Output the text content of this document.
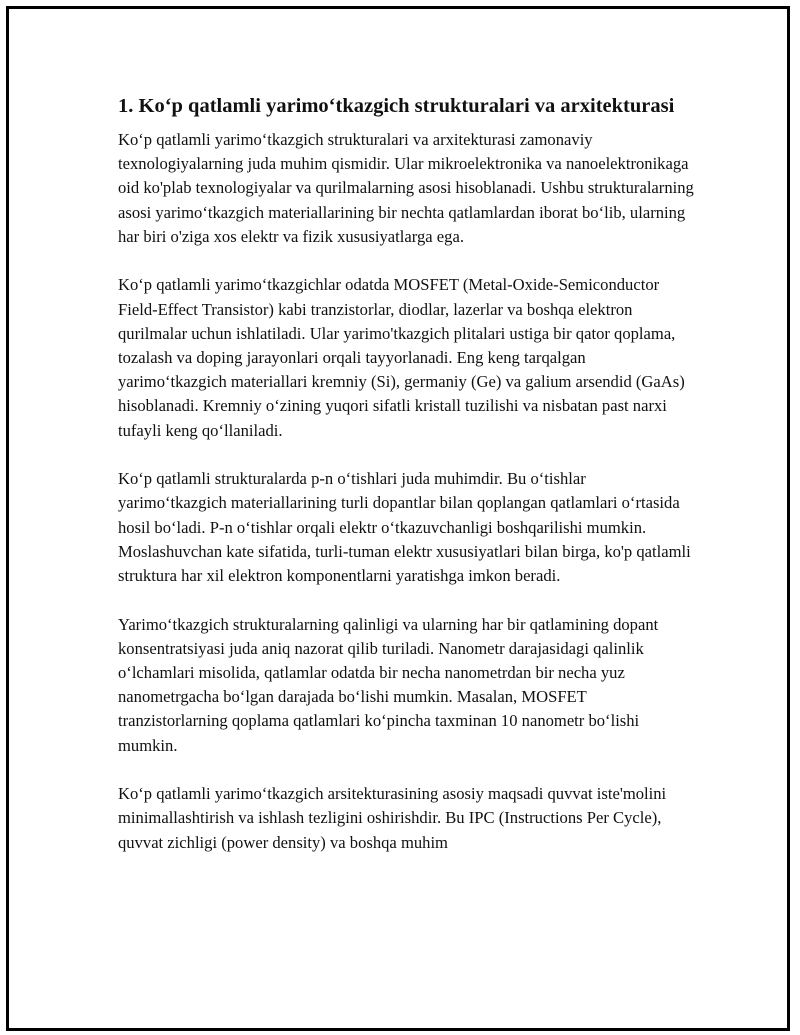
1. Ko‘p qatlamli yarimo‘tkazgich strukturalari va arxitekturasi

Ko‘p qatlamli yarimo‘tkazgich strukturalari va arxitekturasi zamonaviy texnologiyalarning juda muhim qismidir. Ular mikroelektronika va nanoelektronikaga oid ko'plab texnologiyalar va qurilmalarning asosi hisoblanadi. Ushbu strukturalarning asosi yarimo‘tkazgich materiallarining bir nechta qatlamlardan iborat bo‘lib, ularning har biri o'ziga xos elektr va fizik xususiyatlarga ega.

Ko‘p qatlamli yarimo‘tkazgichlar odatda MOSFET (Metal-Oxide-Semiconductor Field-Effect Transistor) kabi tranzistorlar, diodlar, lazerlar va boshqa elektron qurilmalar uchun ishlatiladi. Ular yarimo'tkazgich plitalari ustiga bir qator qoplama, tozalash va doping jarayonlari orqali tayyorlanadi. Eng keng tarqalgan yarimo‘tkazgich materiallari kremniy (Si), germaniy (Ge) va galium arsendid (GaAs) hisoblanadi. Kremniy o‘zining yuqori sifatli kristall tuzilishi va nisbatan past narxi tufayli keng qo‘llaniladi.

Ko‘p qatlamli strukturalarda p-n o‘tishlari juda muhimdir. Bu o‘tishlar yarimo‘tkazgich materiallarining turli dopantlar bilan qoplangan qatlamlari o‘rtasida hosil bo‘ladi. P-n o‘tishlar orqali elektr o‘tkazuvchanligi boshqarilishi mumkin. Moslashuvchan kate sifatida, turli-tuman elektr xususiyatlari bilan birga, ko'p qatlamli struktura har xil elektron komponentlarni yaratishga imkon beradi.

Yarimo‘tkazgich strukturalarning qalinligi va ularning har bir qatlamining dopant konsentratsiyasi juda aniq nazorat qilib turiladi. Nanometr darajasidagi qalinlik o‘lchamlari misolida, qatlamlar odatda bir necha nanometrdan bir necha yuz nanometrgacha bo‘lgan darajada bo‘lishi mumkin. Masalan, MOSFET tranzistorlarning qoplama qatlamlari ko‘pincha taxminan 10 nanometr bo‘lishi mumkin.

Ko‘p qatlamli yarimo‘tkazgich arsitekturasining asosiy maqsadi quvvat iste'molini minimallashtirish va ishlash tezligini oshirishdir. Bu IPC (Instructions Per Cycle), quvvat zichligi (power density) va boshqa muhim
